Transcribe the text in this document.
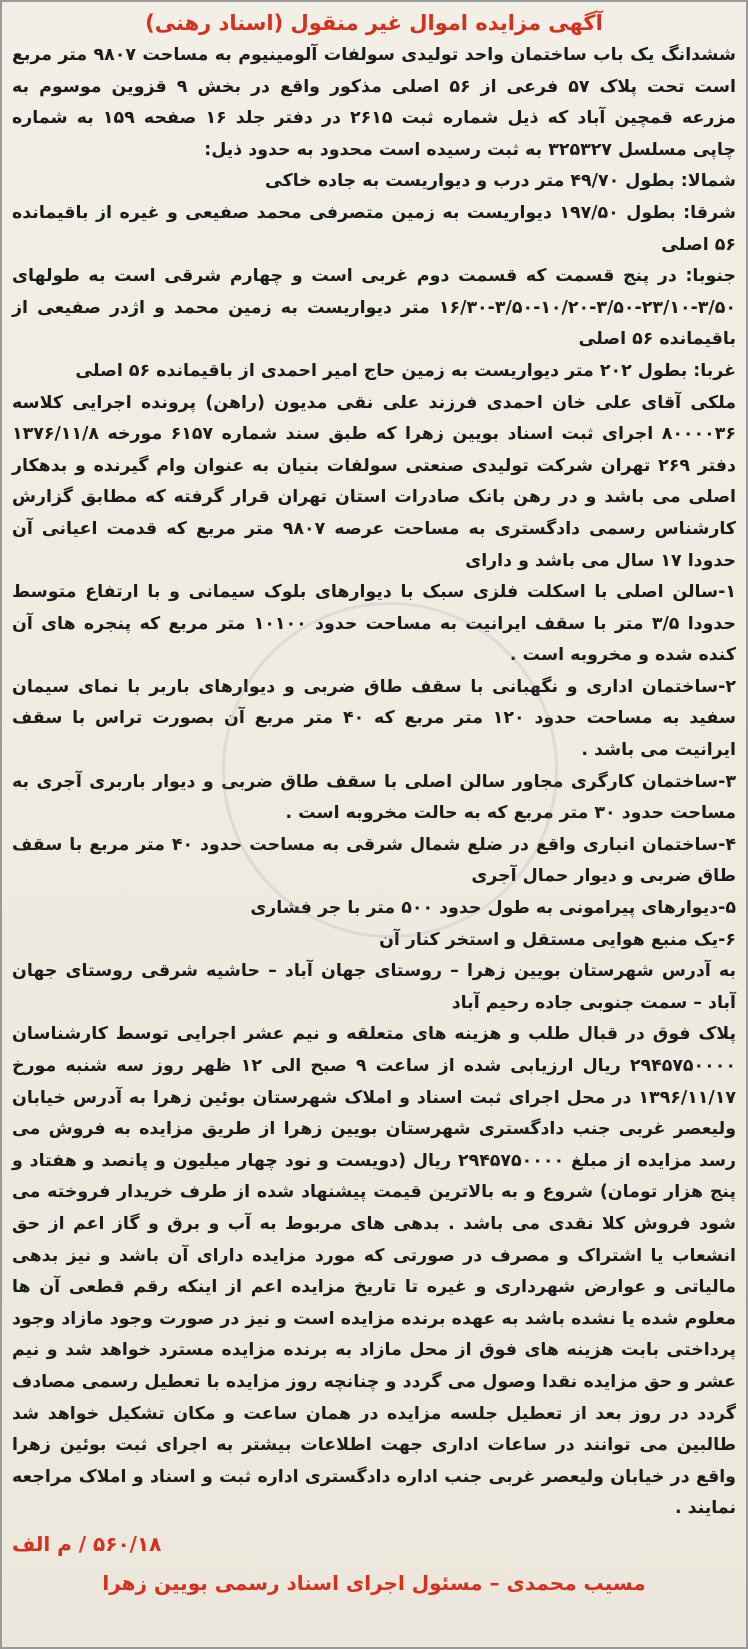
آگهی مزایده اموال غیر منقول (اسناد رهنی)
ششدانگ یک باب ساختمان واحد تولیدی سولفات آلومینیوم به مساحت ۹۸۰۷ متر مربع است تحت پلاک ۵۷ فرعی از ۵۶ اصلی مذکور واقع در بخش ۹ قزوین موسوم به مزرعه قمچین آباد که ذیل شماره ثبت ۲۶۱۵ در دفتر جلد ۱۶ صفحه ۱۵۹ به شماره چاپی مسلسل ۳۲۵۳۲۷ به ثبت رسیده است محدود به حدود ذیل:
شمالا: بطول ۴۹/۷۰ متر درب و دیواریست به جاده خاکی
شرقا: بطول ۱۹۷/۵۰ دیواریست به زمین متصرفی محمد صفیعی و غیره از باقیمانده ۵۶ اصلی
جنوبا: در پنج قسمت که قسمت دوم غربی است و چهارم شرقی است به طولهای ۳/۵۰-۲۳/۱۰-۳/۵۰-۱۰/۲۰-۳/۵۰-۱۶/۳۰ متر دیواریست به زمین محمد و اژدر صفیعی از باقیمانده ۵۶ اصلی
غربا: بطول ۲۰۲ متر دیواریست به زمین حاج امیر احمدی از باقیمانده ۵۶ اصلی
ملکی آقای علی خان احمدی فرزند علی نقی مدیون (راهن) پرونده اجرایی کلاسه ۸۰۰۰۰۳۶ اجرای ثبت اسناد بویین زهرا که طبق سند شماره ۶۱۵۷ مورخه ۱۳۷۶/۱۱/۸ دفتر ۲۶۹ تهران شرکت تولیدی صنعتی سولفات بنیان به عنوان وام گیرنده و بدهکار اصلی می باشد و در رهن بانک صادرات استان تهران قرار گرفته که مطابق گزارش کارشناس رسمی دادگستری به مساحت عرصه ۹۸۰۷ متر مربع که قدمت اعیانی آن حدودا ۱۷ سال می باشد و دارای
۱-سالن اصلی با اسکلت فلزی سبک با دیوارهای بلوک سیمانی و با ارتفاع متوسط حدودا ۳/۵ متر با سقف ایرانیت به مساحت حدود ۱۰۱۰۰ متر مربع که پنجره های آن کنده شده و مخروبه است .
۲-ساختمان اداری و نگهبانی با سقف طاق ضربی و دیوارهای باربر با نمای سیمان سفید به مساحت حدود ۱۲۰ متر مربع که ۴۰ متر مربع آن بصورت تراس با سقف ایرانیت می باشد .
۳-ساختمان کارگری مجاور سالن اصلی با سقف طاق ضربی و دیوار باربری آجری به مساحت حدود ۳۰ متر مربع که به حالت مخروبه است .
۴-ساختمان انباری واقع در ضلع شمال شرقی به مساحت حدود ۴۰ متر مربع با سقف طاق ضربی و دیوار حمال آجری
۵-دیوارهای پیرامونی به طول حدود ۵۰۰ متر با جر فشاری
۶-یک منبع هوایی مستقل و استخر کنار آن
به آدرس شهرستان بویین زهرا – روستای جهان آباد – حاشیه شرقی روستای جهان آباد – سمت جنوبی جاده رحیم آباد
پلاک فوق در قبال طلب و هزینه های متعلقه و نیم عشر اجرایی توسط کارشناسان ۲۹۴۵۷۵۰۰۰۰ ریال ارزیابی شده از ساعت ۹ صبح الی ۱۲ ظهر روز سه شنبه مورخ ۱۳۹۶/۱۱/۱۷ در محل اجرای ثبت اسناد و املاک شهرستان بوئین زهرا به آدرس خیابان ولیعصر غربی جنب دادگستری شهرستان بویین زهرا از طریق مزایده به فروش می رسد مزایده از مبلغ ۲۹۴۵۷۵۰۰۰۰ ریال (دویست و نود چهار میلیون و پانصد و هفتاد و پنج هزار تومان) شروع و به بالاترین قیمت پیشنهاد شده از طرف خریدار فروخته می شود فروش کلا نقدی می باشد . بدهی های مربوط به آب و برق و گاز اعم از حق انشعاب یا اشتراک و مصرف در صورتی که مورد مزایده دارای آن باشد و نیز بدهی مالیاتی و عوارض شهرداری و غیره تا تاریخ مزایده اعم از اینکه رقم قطعی آن ها معلوم شده یا نشده باشد به عهده برنده مزایده است و نیز در صورت وجود مازاد وجود پرداختی بابت هزینه های فوق از محل مازاد به برنده مزایده مسترد خواهد شد و نیم عشر و حق مزایده نقدا وصول می گردد و چنانچه روز مزایده با تعطیل رسمی مصادف گردد در روز بعد از تعطیل جلسه مزایده در همان ساعت و مکان تشکیل خواهد شد طالبین می توانند در ساعات اداری جهت اطلاعات بیشتر به اجرای ثبت بوئین زهرا واقع در خیابان ولیعصر غربی جنب اداره دادگستری اداره ثبت و اسناد و املاک مراجعه نمایند .
۵۶۰/۱۸ / م الف
مسیب محمدی – مسئول اجرای اسناد رسمی بویین زهرا
